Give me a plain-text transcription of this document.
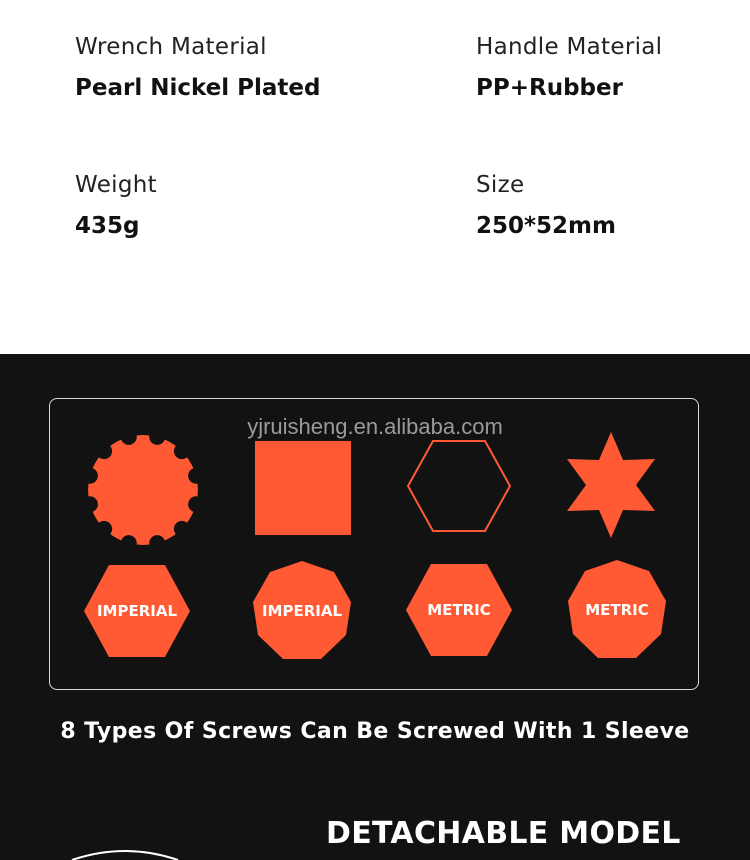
Wrench Material
Pearl Nickel Plated
Handle Material
PP+Rubber
Weight
435g
Size
250*52mm
yjruisheng.en.alibaba.com
IMPERIAL	IMPERIAL	METRIC	METRIC
8 Types Of Screws Can Be Screwed With 1 Sleeve
DETACHABLE MODEL
